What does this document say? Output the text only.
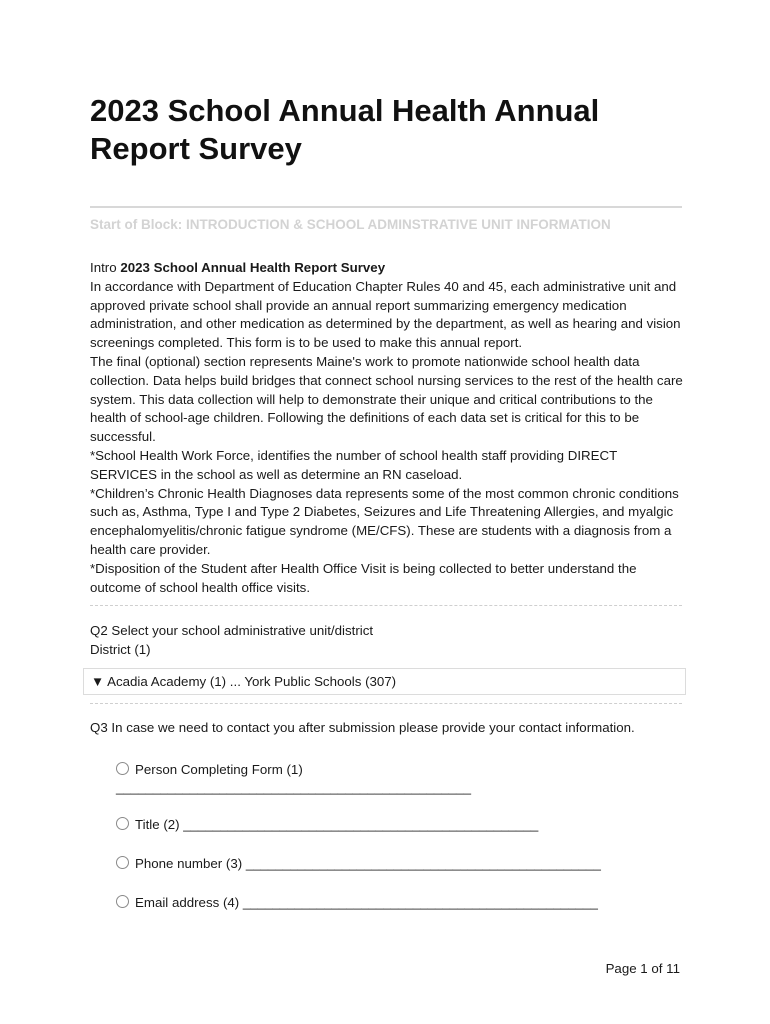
2023 School Annual Health Annual Report Survey
Start of Block: INTRODUCTION & SCHOOL ADMINSTRATIVE UNIT INFORMATION

Intro 2023 School Annual Health Report Survey

In accordance with Department of Education Chapter Rules 40 and 45, each administrative unit and approved private school shall provide an annual report summarizing emergency medication administration, and other medication as determined by the department, as well as hearing and vision screenings completed. This form is to be used to make this annual report.

The final (optional) section represents Maine's work to promote nationwide school health data collection. Data helps build bridges that connect school nursing services to the rest of the health care system. This data collection will help to demonstrate their unique and critical contributions to the health of school-age children. Following the definitions of each data set is critical for this to be successful.

*School Health Work Force, identifies the number of school health staff providing DIRECT SERVICES in the school as well as determine an RN caseload.

*Children’s Chronic Health Diagnoses data represents some of the most common chronic conditions such as, Asthma, Type I and Type 2 Diabetes, Seizures and Life Threatening Allergies, and myalgic encephalomyelitis/chronic fatigue syndrome (ME/CFS). These are students with a diagnosis from a health care provider.

*Disposition of the Student after Health Office Visit is being collected to better understand the outcome of school health office visits.

Q2 Select your school administrative unit/district

District (1)

▼ Acadia Academy (1) ... York Public Schools (307)

Q3 In case we need to contact you after submission please provide your contact information.

Person Completing Form (1)
________________________________________________
Title (2) ________________________________________________
Phone number (3) ________________________________________________
Email address (4) ________________________________________________
Page 1 of 11
